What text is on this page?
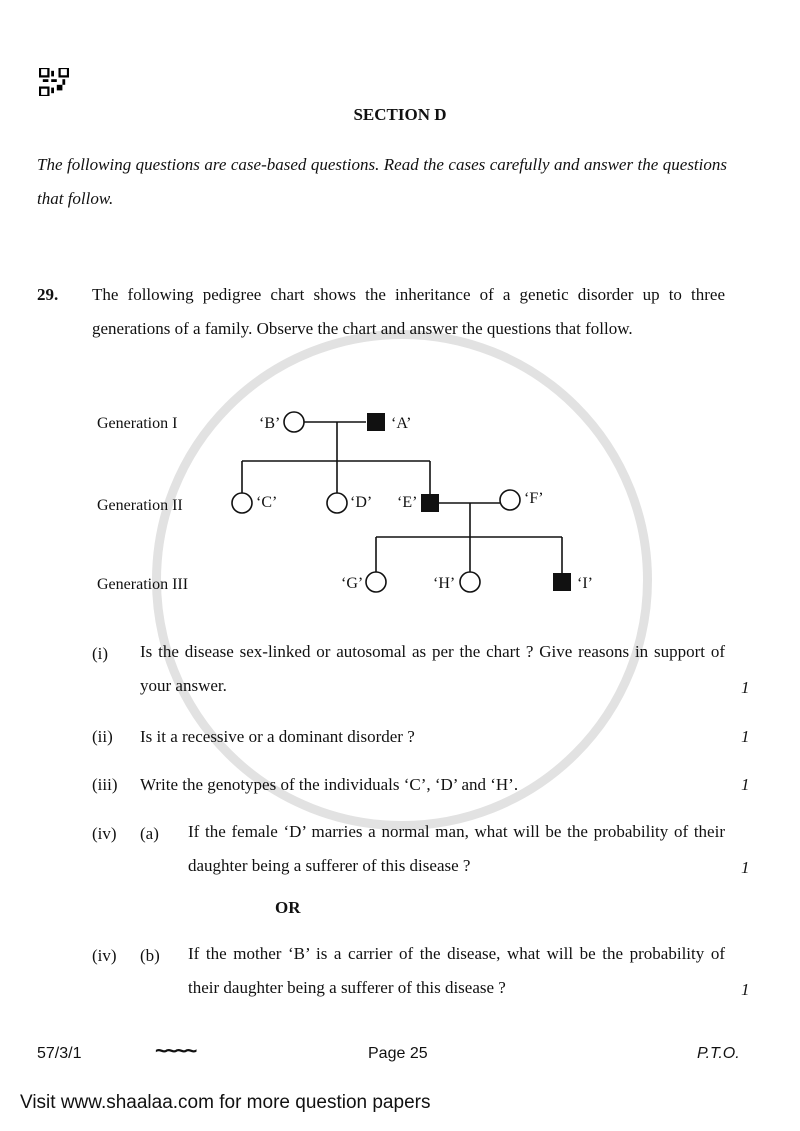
SECTION D
The following questions are case-based questions. Read the cases carefully and answer the questions that follow.
29. The following pedigree chart shows the inheritance of a genetic disorder up to three generations of a family. Observe the chart and answer the questions that follow.
Generation I
Generation II
Generation III
‘B’	‘A’
‘C’	‘D’ ‘E’	‘F’
‘G’	‘H’	‘I’
(i) Is the disease sex-linked or autosomal as per the chart ? Give reasons in support of your answer.	1
(ii) Is it a recessive or a dominant disorder ?	1
(iii) Write the genotypes of the individuals ‘C’, ‘D’ and ‘H’.	1
(iv) (a) If the female ‘D’ marries a normal man, what will be the probability of their daughter being a sufferer of this disease ?	1
OR
(iv) (b) If the mother ‘B’ is a carrier of the disease, what will be the probability of their daughter being a sufferer of this disease ?	1
57/3/1	~~~~	Page 25	P.T.O.
Visit www.shaalaa.com for more question papers
